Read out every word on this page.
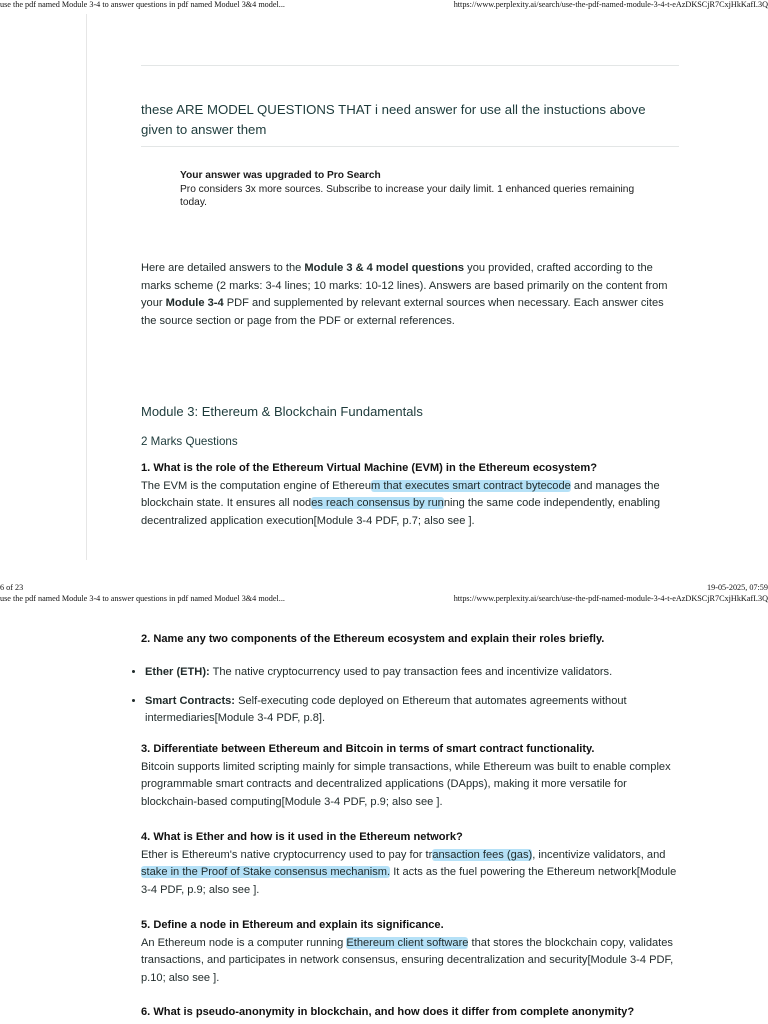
use the pdf named Module 3-4 to answer questions in pdf named Moduel 3&4 model...	https://www.perplexity.ai/search/use-the-pdf-named-module-3-4-t-eAzDKSCjR7CxjHkKafI.3Q
these ARE MODEL QUESTIONS THAT i need answer for use all the instuctions above given to answer them
Your answer was upgraded to Pro Search
Pro considers 3x more sources. Subscribe to increase your daily limit. 1 enhanced queries remaining today.
Here are detailed answers to the Module 3 & 4 model questions you provided, crafted according to the marks scheme (2 marks: 3-4 lines; 10 marks: 10-12 lines). Answers are based primarily on the content from your Module 3-4 PDF and supplemented by relevant external sources when necessary. Each answer cites the source section or page from the PDF or external references.
Module 3: Ethereum & Blockchain Fundamentals
2 Marks Questions
1. What is the role of the Ethereum Virtual Machine (EVM) in the Ethereum ecosystem?
The EVM is the computation engine of Ethereum that executes smart contract bytecode and manages the blockchain state. It ensures all nodes reach consensus by running the same code independently, enabling decentralized application execution[Module 3-4 PDF, p.7; also see ].
6 of 23	19-05-2025, 07:59
use the pdf named Module 3-4 to answer questions in pdf named Moduel 3&4 model...	https://www.perplexity.ai/search/use-the-pdf-named-module-3-4-t-eAzDKSCjR7CxjHkKafI.3Q
2. Name any two components of the Ethereum ecosystem and explain their roles briefly.
• Ether (ETH): The native cryptocurrency used to pay transaction fees and incentivize validators.
• Smart Contracts: Self-executing code deployed on Ethereum that automates agreements without intermediaries[Module 3-4 PDF, p.8].
3. Differentiate between Ethereum and Bitcoin in terms of smart contract functionality.
Bitcoin supports limited scripting mainly for simple transactions, while Ethereum was built to enable complex programmable smart contracts and decentralized applications (DApps), making it more versatile for blockchain-based computing[Module 3-4 PDF, p.9; also see ].
4. What is Ether and how is it used in the Ethereum network?
Ether is Ethereum's native cryptocurrency used to pay for transaction fees (gas), incentivize validators, and stake in the Proof of Stake consensus mechanism. It acts as the fuel powering the Ethereum network[Module 3-4 PDF, p.9; also see ].
5. Define a node in Ethereum and explain its significance.
An Ethereum node is a computer running Ethereum client software that stores the blockchain copy, validates transactions, and participates in network consensus, ensuring decentralization and security[Module 3-4 PDF, p.10; also see ].
6. What is pseudo-anonymity in blockchain, and how does it differ from complete anonymity?
